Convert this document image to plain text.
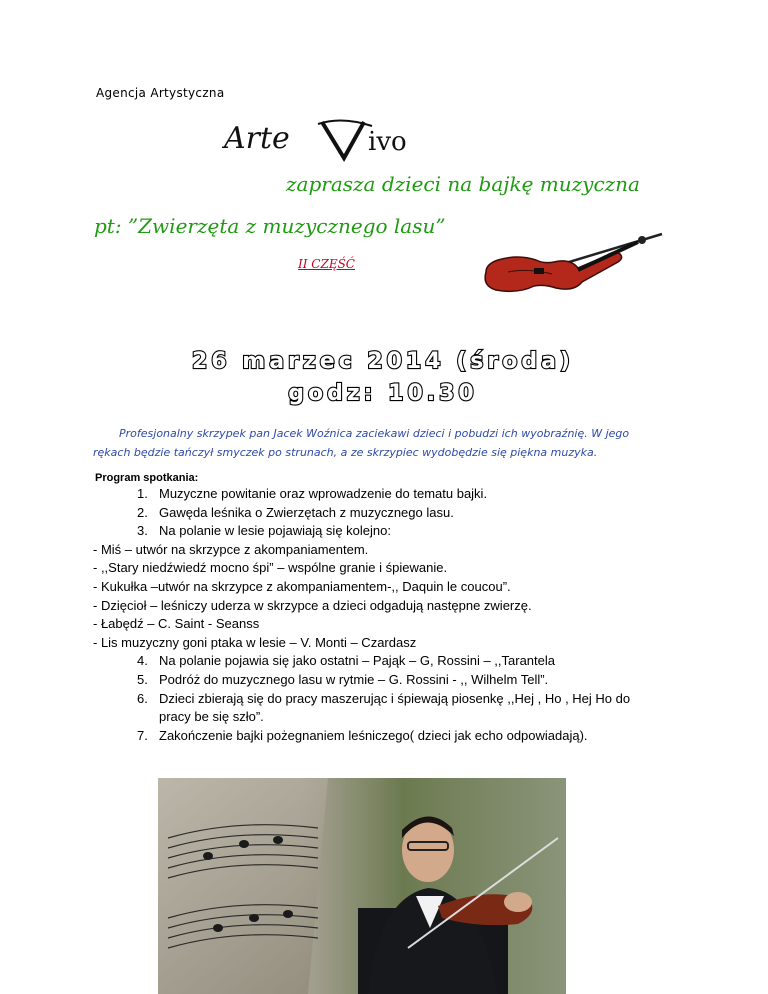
Agencja Artystyczna
Arte	ivo
zaprasza dzieci na bajkę muzyczna
pt: ”Zwierzęta z muzycznego lasu”
II CZĘŚĆ
26 marzec 2014 (środa)
godz: 10.30
Profesjonalny skrzypek pan Jacek Woźnica zaciekawi dzieci i pobudzi ich wyobraźnię. W jego
rękach będzie tańczył smyczek po strunach, a ze skrzypiec wydobędzie się piękna muzyka.
Program spotkania:
1. Muzyczne powitanie oraz wprowadzenie do tematu bajki.
2. Gawęda leśnika o Zwierzętach z muzycznego lasu.
3. Na polanie w lesie pojawiają się kolejno:
- Miś – utwór na skrzypce z akompaniamentem.
- ,,Stary niedźwiedź mocno śpi” – wspólne granie i śpiewanie.
- Kukułka –utwór na skrzypce z akompaniamentem-,, Daquin le coucou”.
- Dzięcioł – leśniczy uderza w skrzypce a dzieci odgadują następne zwierzę.
- Łabędź – C. Saint - Seanss
- Lis muzyczny goni ptaka w lesie – V. Monti – Czardasz
4. Na polanie pojawia się jako ostatni – Pająk – G, Rossini – ,,Tarantela
5. Podróż do muzycznego lasu w rytmie – G. Rossini - ,, Wilhelm Tell”.
6. Dzieci zbierają się do pracy maszerując i śpiewają piosenkę ,,Hej , Ho , Hej Ho do
pracy be się szło”.
7. Zakończenie bajki pożegnaniem leśniczego( dzieci jak echo odpowiadają).
